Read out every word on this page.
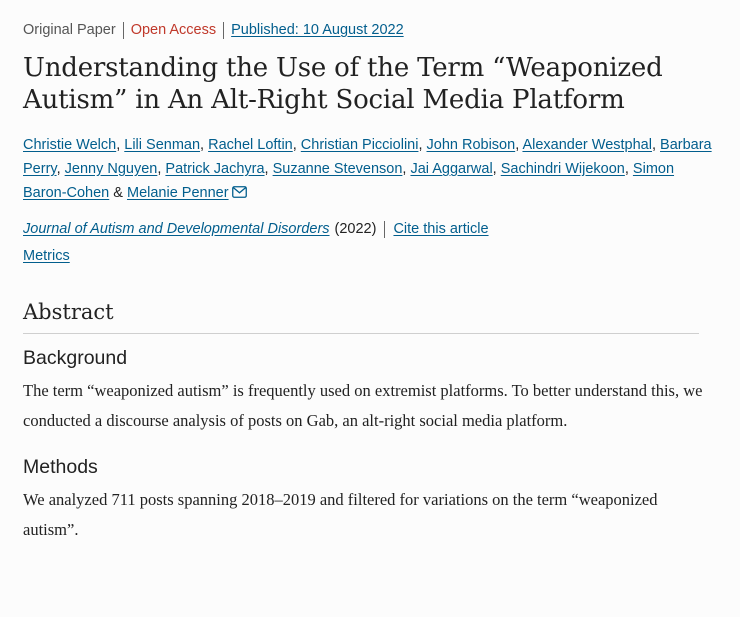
Original Paper Open Access Published: 10 August 2022
Understanding the Use of the Term “Weaponized Autism” in An Alt-Right Social Media Platform
Christie Welch, Lili Senman, Rachel Loftin, Christian Picciolini, John Robison, Alexander Westphal, Barbara Perry, Jenny Nguyen, Patrick Jachyra, Suzanne Stevenson, Jai Aggarwal, Sachindri Wijekoon, Simon Baron-Cohen & Melanie Penner
Journal of Autism and Developmental Disorders (2022) Cite this article
Metrics
Abstract
Background

The term “weaponized autism” is frequently used on extremist platforms. To better understand this, we conducted a discourse analysis of posts on Gab, an alt-right social media platform.

Methods

We analyzed 711 posts spanning 2018–2019 and filtered for variations on the term “weaponized autism”.
